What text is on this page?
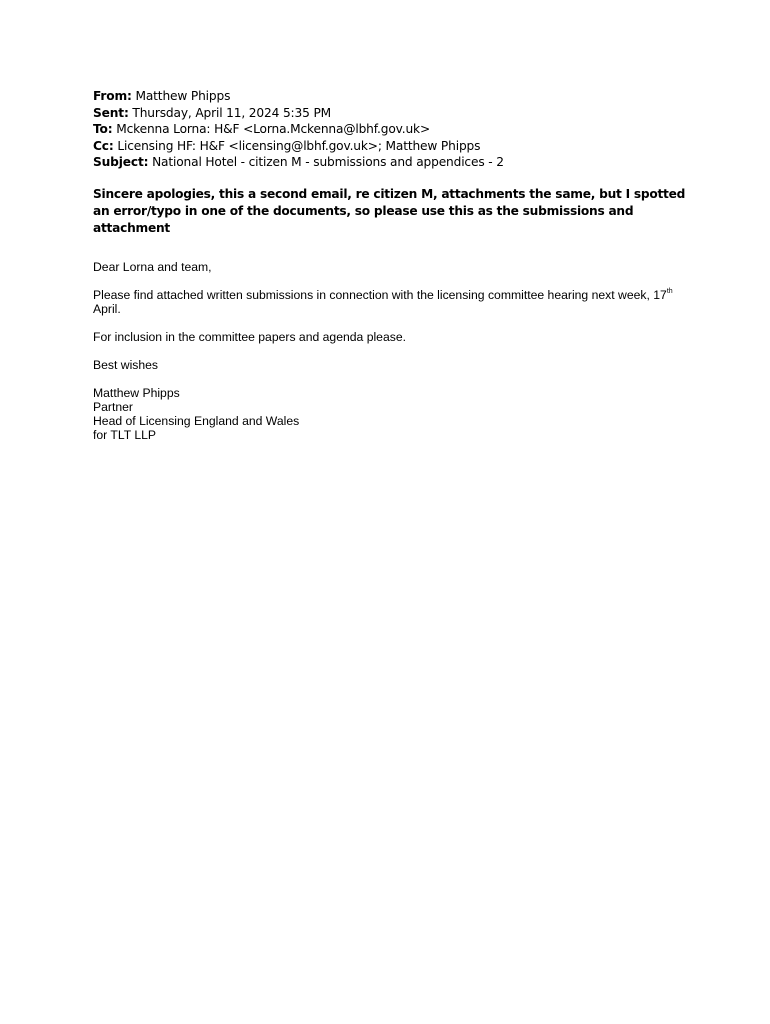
From: Matthew Phipps
Sent: Thursday, April 11, 2024 5:35 PM
To: Mckenna Lorna: H&F <Lorna.Mckenna@lbhf.gov.uk>
Cc: Licensing HF: H&F <licensing@lbhf.gov.uk>; Matthew Phipps
Subject: National Hotel - citizen M - submissions and appendices - 2
Sincere apologies, this a second email, re citizen M, attachments the same, but I spotted an error/typo in one of the documents, so please use this as the submissions and attachment

Dear Lorna and team,

Please find attached written submissions in connection with the licensing committee hearing next week, 17th April.

For inclusion in the committee papers and agenda please.

Best wishes

Matthew Phipps
Partner
Head of Licensing England and Wales
for TLT LLP
